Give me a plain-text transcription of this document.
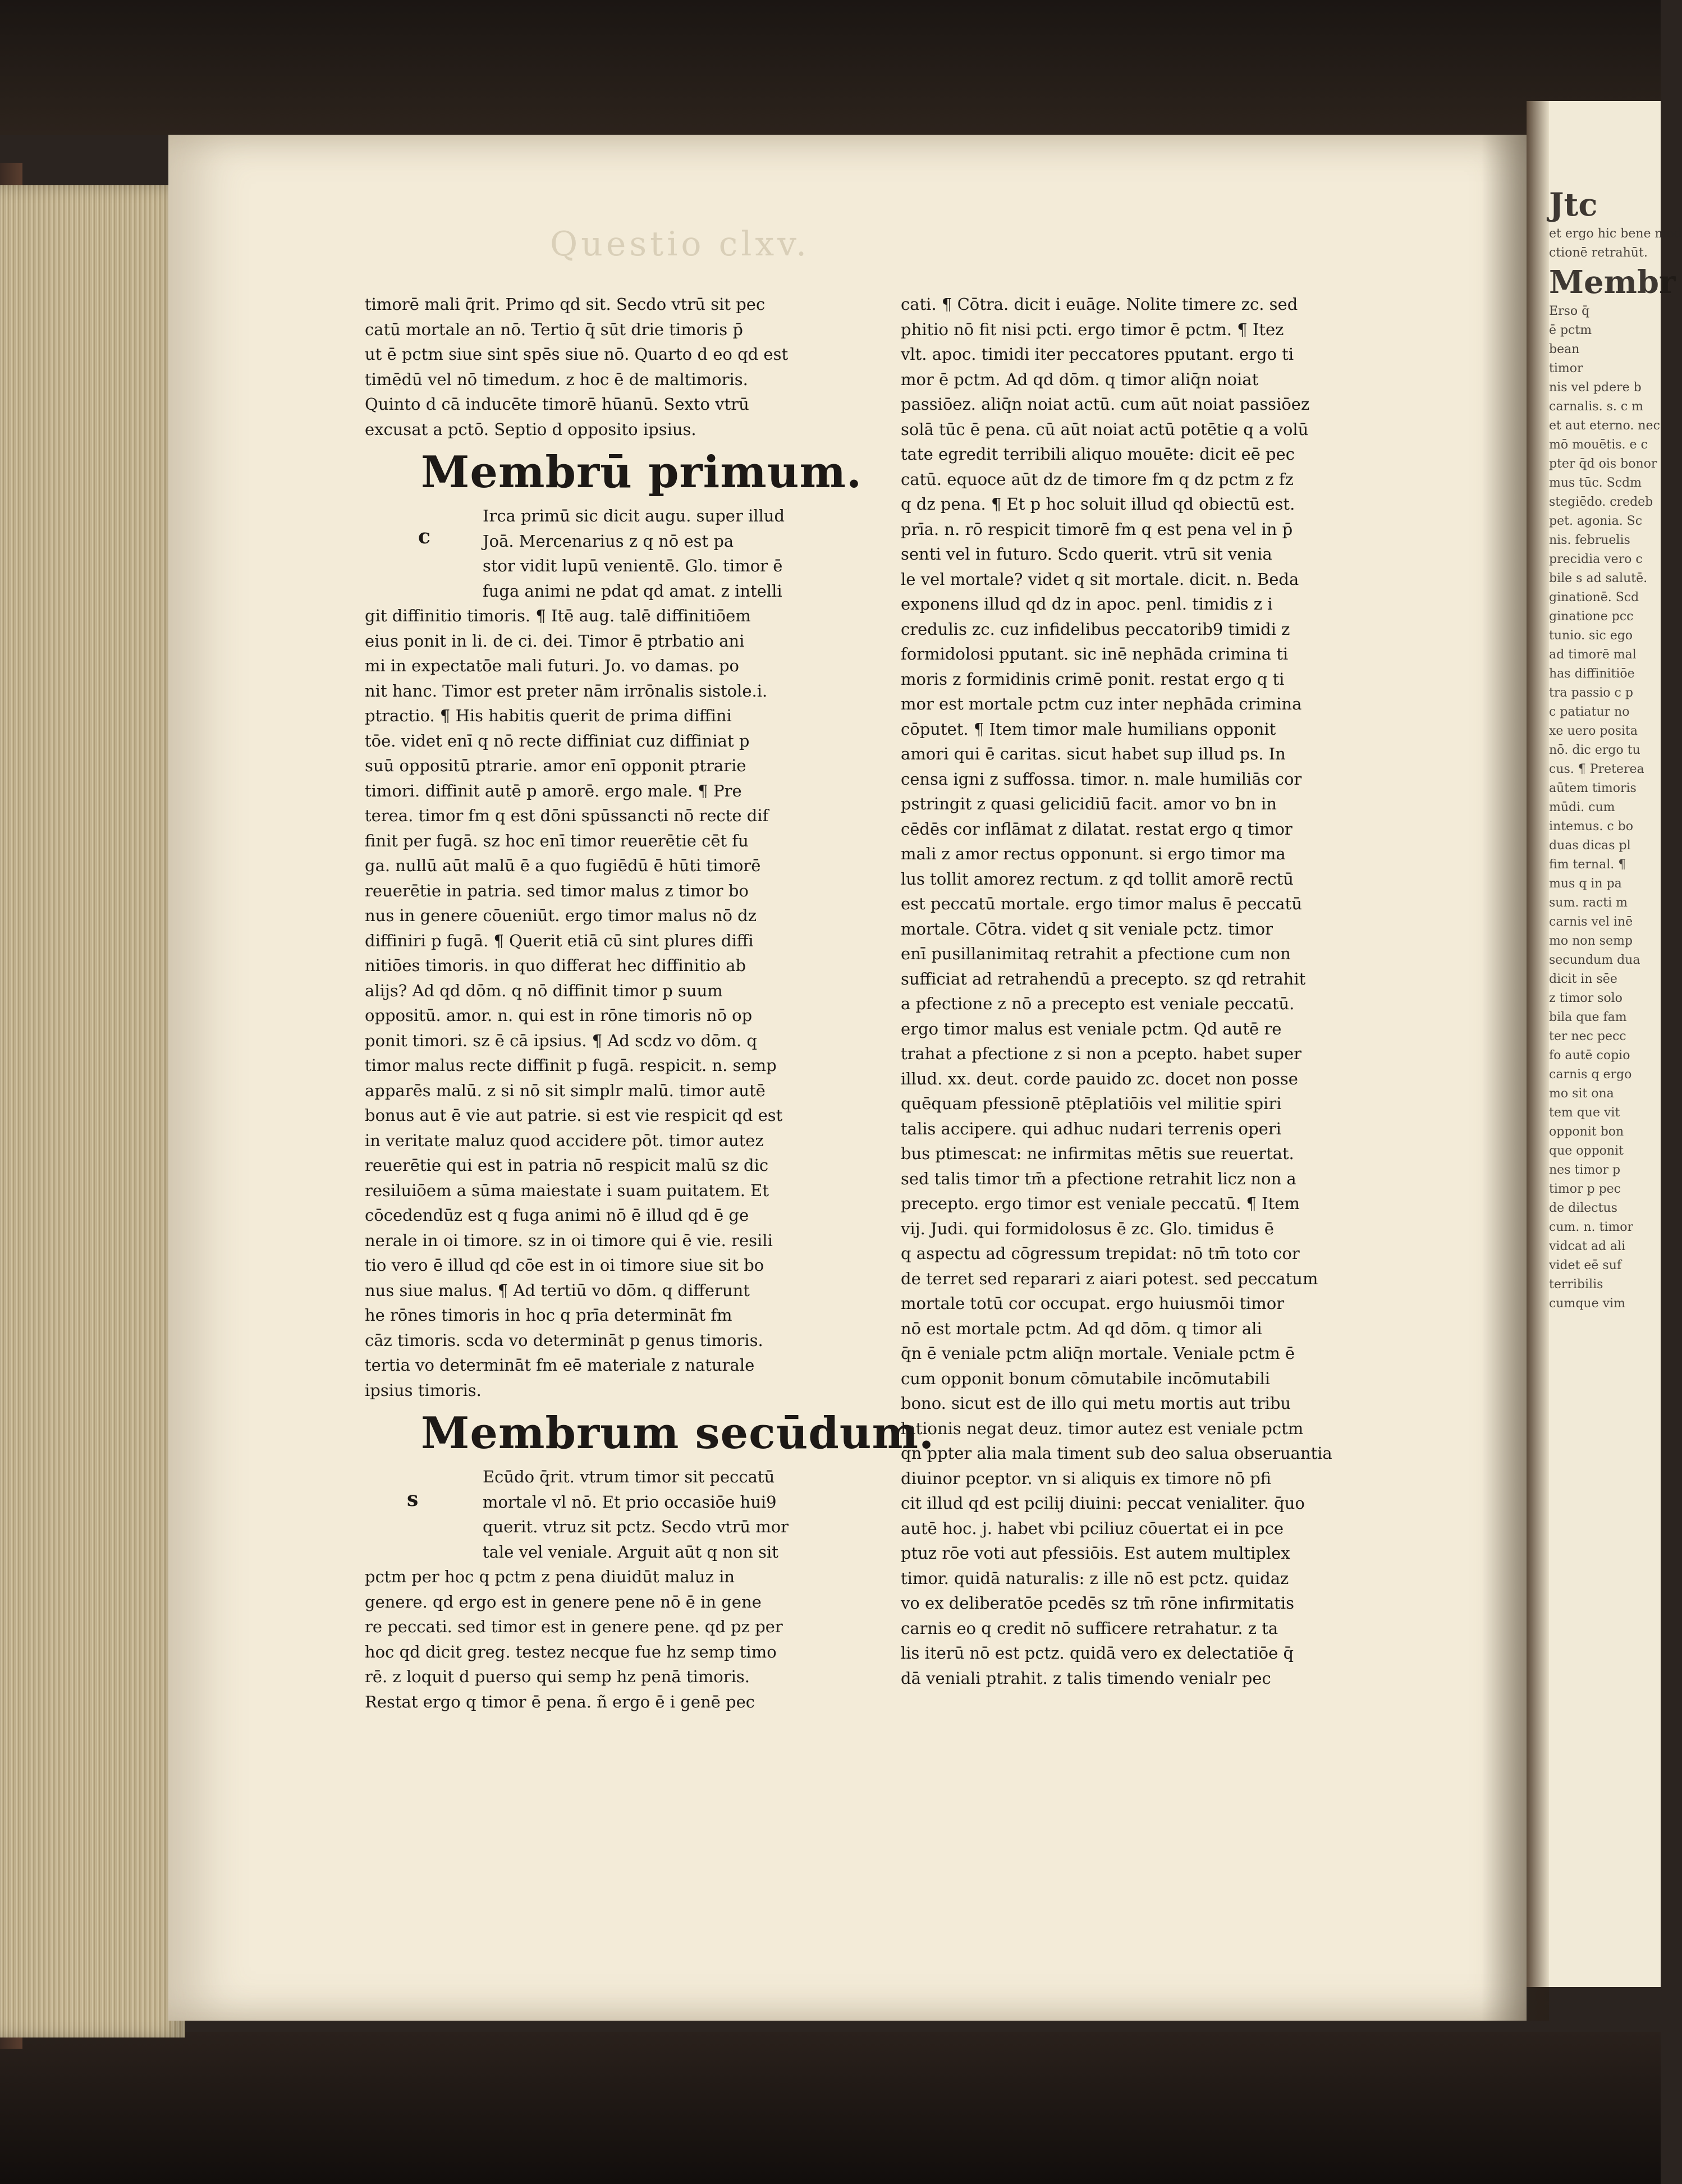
Questio clxv.
timorē mali q̄rit. Primo qd sit. Secdo vtrū sit pec
catū mortale an nō. Tertio q̄ sūt drie timoris p̄
ut ē pctm siue sint spēs siue nō. Quarto d eo qd est
timēdū vel nō timedum. z hoc ē de maltimoris.
Quinto d cā inducēte timorē hūanū. Sexto vtrū
excusat a pctō. Septio d opposito ipsius.
Membrū primum.
Irca primū sic dicit augu. super illud
Joā. Mercenarius z q nō est pa
stor vidit lupū venientē. Glo. timor ē
fuga animi ne pdat qd amat. z intelli
git diffinitio timoris. ¶ Itē aug. talē diffinitiōem
eius ponit in li. de ci. dei. Timor ē ptrbatio ani
mi in expectatōe mali futuri. Jo. vo damas. po
nit hanc. Timor est preter nām irrōnalis sistole.i.
ptractio. ¶ His habitis querit de prima diffini
tōe. videt enī q nō recte diffiniat cuz diffiniat p
suū oppositū ptrarie. amor enī opponit ptrarie
timori. diffinit autē p amorē. ergo male. ¶ Pre
terea. timor fm q est dōni spūssancti nō recte dif
finit per fugā. sz hoc enī timor reuerētie cēt fu
ga. nullū aūt malū ē a quo fugiēdū ē hūti timorē
reuerētie in patria. sed timor malus z timor bo
nus in genere cōueniūt. ergo timor malus nō dz
diffiniri p fugā. ¶ Querit etiā cū sint plures diffi
nitiōes timoris. in quo differat hec diffinitio ab
alijs? Ad qd dōm. q nō diffinit timor p suum
oppositū. amor. n. qui est in rōne timoris nō op
ponit timori. sz ē cā ipsius. ¶ Ad scdz vo dōm. q
timor malus recte diffinit p fugā. respicit. n. semp
apparēs malū. z si nō sit simplr malū. timor autē
bonus aut ē vie aut patrie. si est vie respicit qd est
in veritate maluz quod accidere pōt. timor autez
reuerētie qui est in patria nō respicit malū sz dic
resiluiōem a sūma maiestate i suam puitatem. Et
cōcedendūz est q fuga animi nō ē illud qd ē ge
nerale in oi timore. sz in oi timore qui ē vie. resili
tio vero ē illud qd cōe est in oi timore siue sit bo
nus siue malus. ¶ Ad tertiū vo dōm. q differunt
he rōnes timoris in hoc q prīa determināt fm
cāz timoris. scda vo determināt p genus timoris.
tertia vo determināt fm eē materiale z naturale
ipsius timoris.
Membrum secūdum.
Ecūdo q̄rit. vtrum timor sit peccatū
mortale vl nō. Et prio occasiōe hui9
querit. vtruz sit pctz. Secdo vtrū mor
tale vel veniale. Arguit aūt q non sit
pctm per hoc q pctm z pena diuidūt maluz in
genere. qd ergo est in genere pene nō ē in gene
re peccati. sed timor est in genere pene. qd pz per
hoc qd dicit greg. testez necque fue hz semp timo
rē. z loquit d puerso qui semp hz penā timoris.
Restat ergo q timor ē pena. ñ ergo ē i genē pec
c
s
cati. ¶ Cōtra. dicit i euāge. Nolite timere zc. sed
phitio nō fit nisi pcti. ergo timor ē pctm. ¶ Itez
vlt. apoc. timidi iter peccatores pputant. ergo ti
mor ē pctm. Ad qd dōm. q timor aliq̄n noiat
passiōez. aliq̄n noiat actū. cum aūt noiat passiōez
solā tūc ē pena. cū aūt noiat actū potētie q a volū
tate egredit terribili aliquo mouēte: dicit eē pec
catū. equoce aūt dz de timore fm q dz pctm z fz
q dz pena. ¶ Et p hoc soluit illud qd obiectū est.
prīa. n. rō respicit timorē fm q est pena vel in p̄
senti vel in futuro. Scdo querit. vtrū sit venia
le vel mortale? videt q sit mortale. dicit. n. Beda
exponens illud qd dz in apoc. penl. timidis z i
credulis zc. cuz infidelibus peccatorib9 timidi z
formidolosi pputant. sic inē nephāda crimina ti
moris z formidinis crimē ponit. restat ergo q ti
mor est mortale pctm cuz inter nephāda crimina
cōputet. ¶ Item timor male humilians opponit
amori qui ē caritas. sicut habet sup illud ps. In
censa igni z suffossa. timor. n. male humiliās cor
pstringit z quasi gelicidiū facit. amor vo bn in
cēdēs cor inflāmat z dilatat. restat ergo q timor
mali z amor rectus opponunt. si ergo timor ma
lus tollit amorez rectum. z qd tollit amorē rectū
est peccatū mortale. ergo timor malus ē peccatū
mortale. Cōtra. videt q sit veniale pctz. timor
enī pusillanimitaq retrahit a pfectione cum non
sufficiat ad retrahendū a precepto. sz qd retrahit
a pfectione z nō a precepto est veniale peccatū.
ergo timor malus est veniale pctm. Qd autē re
trahat a pfectione z si non a pcepto. habet super
illud. xx. deut. corde pauido zc. docet non posse
quēquam pfessionē ptēplatiōis vel militie spiri
talis accipere. qui adhuc nudari terrenis operi
bus ptimescat: ne infirmitas mētis sue reuertat.
sed talis timor tm̄ a pfectione retrahit licz non a
precepto. ergo timor est veniale peccatū. ¶ Item
vij. Judi. qui formidolosus ē zc. Glo. timidus ē
q aspectu ad cōgressum trepidat: nō tm̄ toto cor
de terret sed reparari z aiari potest. sed peccatum
mortale totū cor occupat. ergo huiusmōi timor
nō est mortale pctm. Ad qd dōm. q timor ali
q̄n ē veniale pctm aliq̄n mortale. Veniale pctm ē
cum opponit bonum cōmutabile incōmutabili
bono. sicut est de illo qui metu mortis aut tribu
lationis negat deuz. timor autez est veniale pctm
q̄n ppter alia mala timent sub deo salua obseruantia
diuinor pceptor. vn si aliquis ex timore nō pfi
cit illud qd est pcilij diuini: peccat venialiter. q̄uo
autē hoc. j. habet vbi pciliuz cōuertat ei in pce
ptuz rōe voti aut pfessiōis. Est autem multiplex
timor. quidā naturalis: z ille nō est pctz. quidaz
vo ex deliberatōe pcedēs sz tm̄ rōne infirmitatis
carnis eo q credit nō sufficere retrahatur. z ta
lis iterū nō est pctz. quidā vero ex delectatiōe q̄
dā veniali ptrahit. z talis timendo venialr pec
Jtc
et ergo hic bene mod
ctionē retrahūt.
Membr
Erso q̄
ē pctm
bean
timor
nis vel pdere b
carnalis. s. c m
et aut eterno. nec
mō mouētis. e c
pter q̄d ois bonor
mus tūc. Scdm
stegiēdo. credeb
pet. agonia. Sc
nis. februelis
precidia vero c
bile s ad salutē.
ginationē. Scd
ginatione pcc
tunio. sic ego
ad timorē mal
has diffinitiōe
tra passio c p
c patiatur no
xe uero posita
nō. dic ergo tu
cus. ¶ Preterea
aūtem timoris
mūdi. cum
intemus. c bo
duas dicas pl
fim ternal. ¶
mus q in pa
sum. racti m
carnis vel inē
mo non semp
secundum dua
dicit in sēe
z timor solo
bila que fam
ter nec pecc
fo autē copio
carnis q ergo
mo sit ona
tem que vit
opponit bon
que opponit
nes timor p
timor p pec
de dilectus
cum. n. timor
vidcat ad ali
videt eē suf
terribilis
cumque vim
